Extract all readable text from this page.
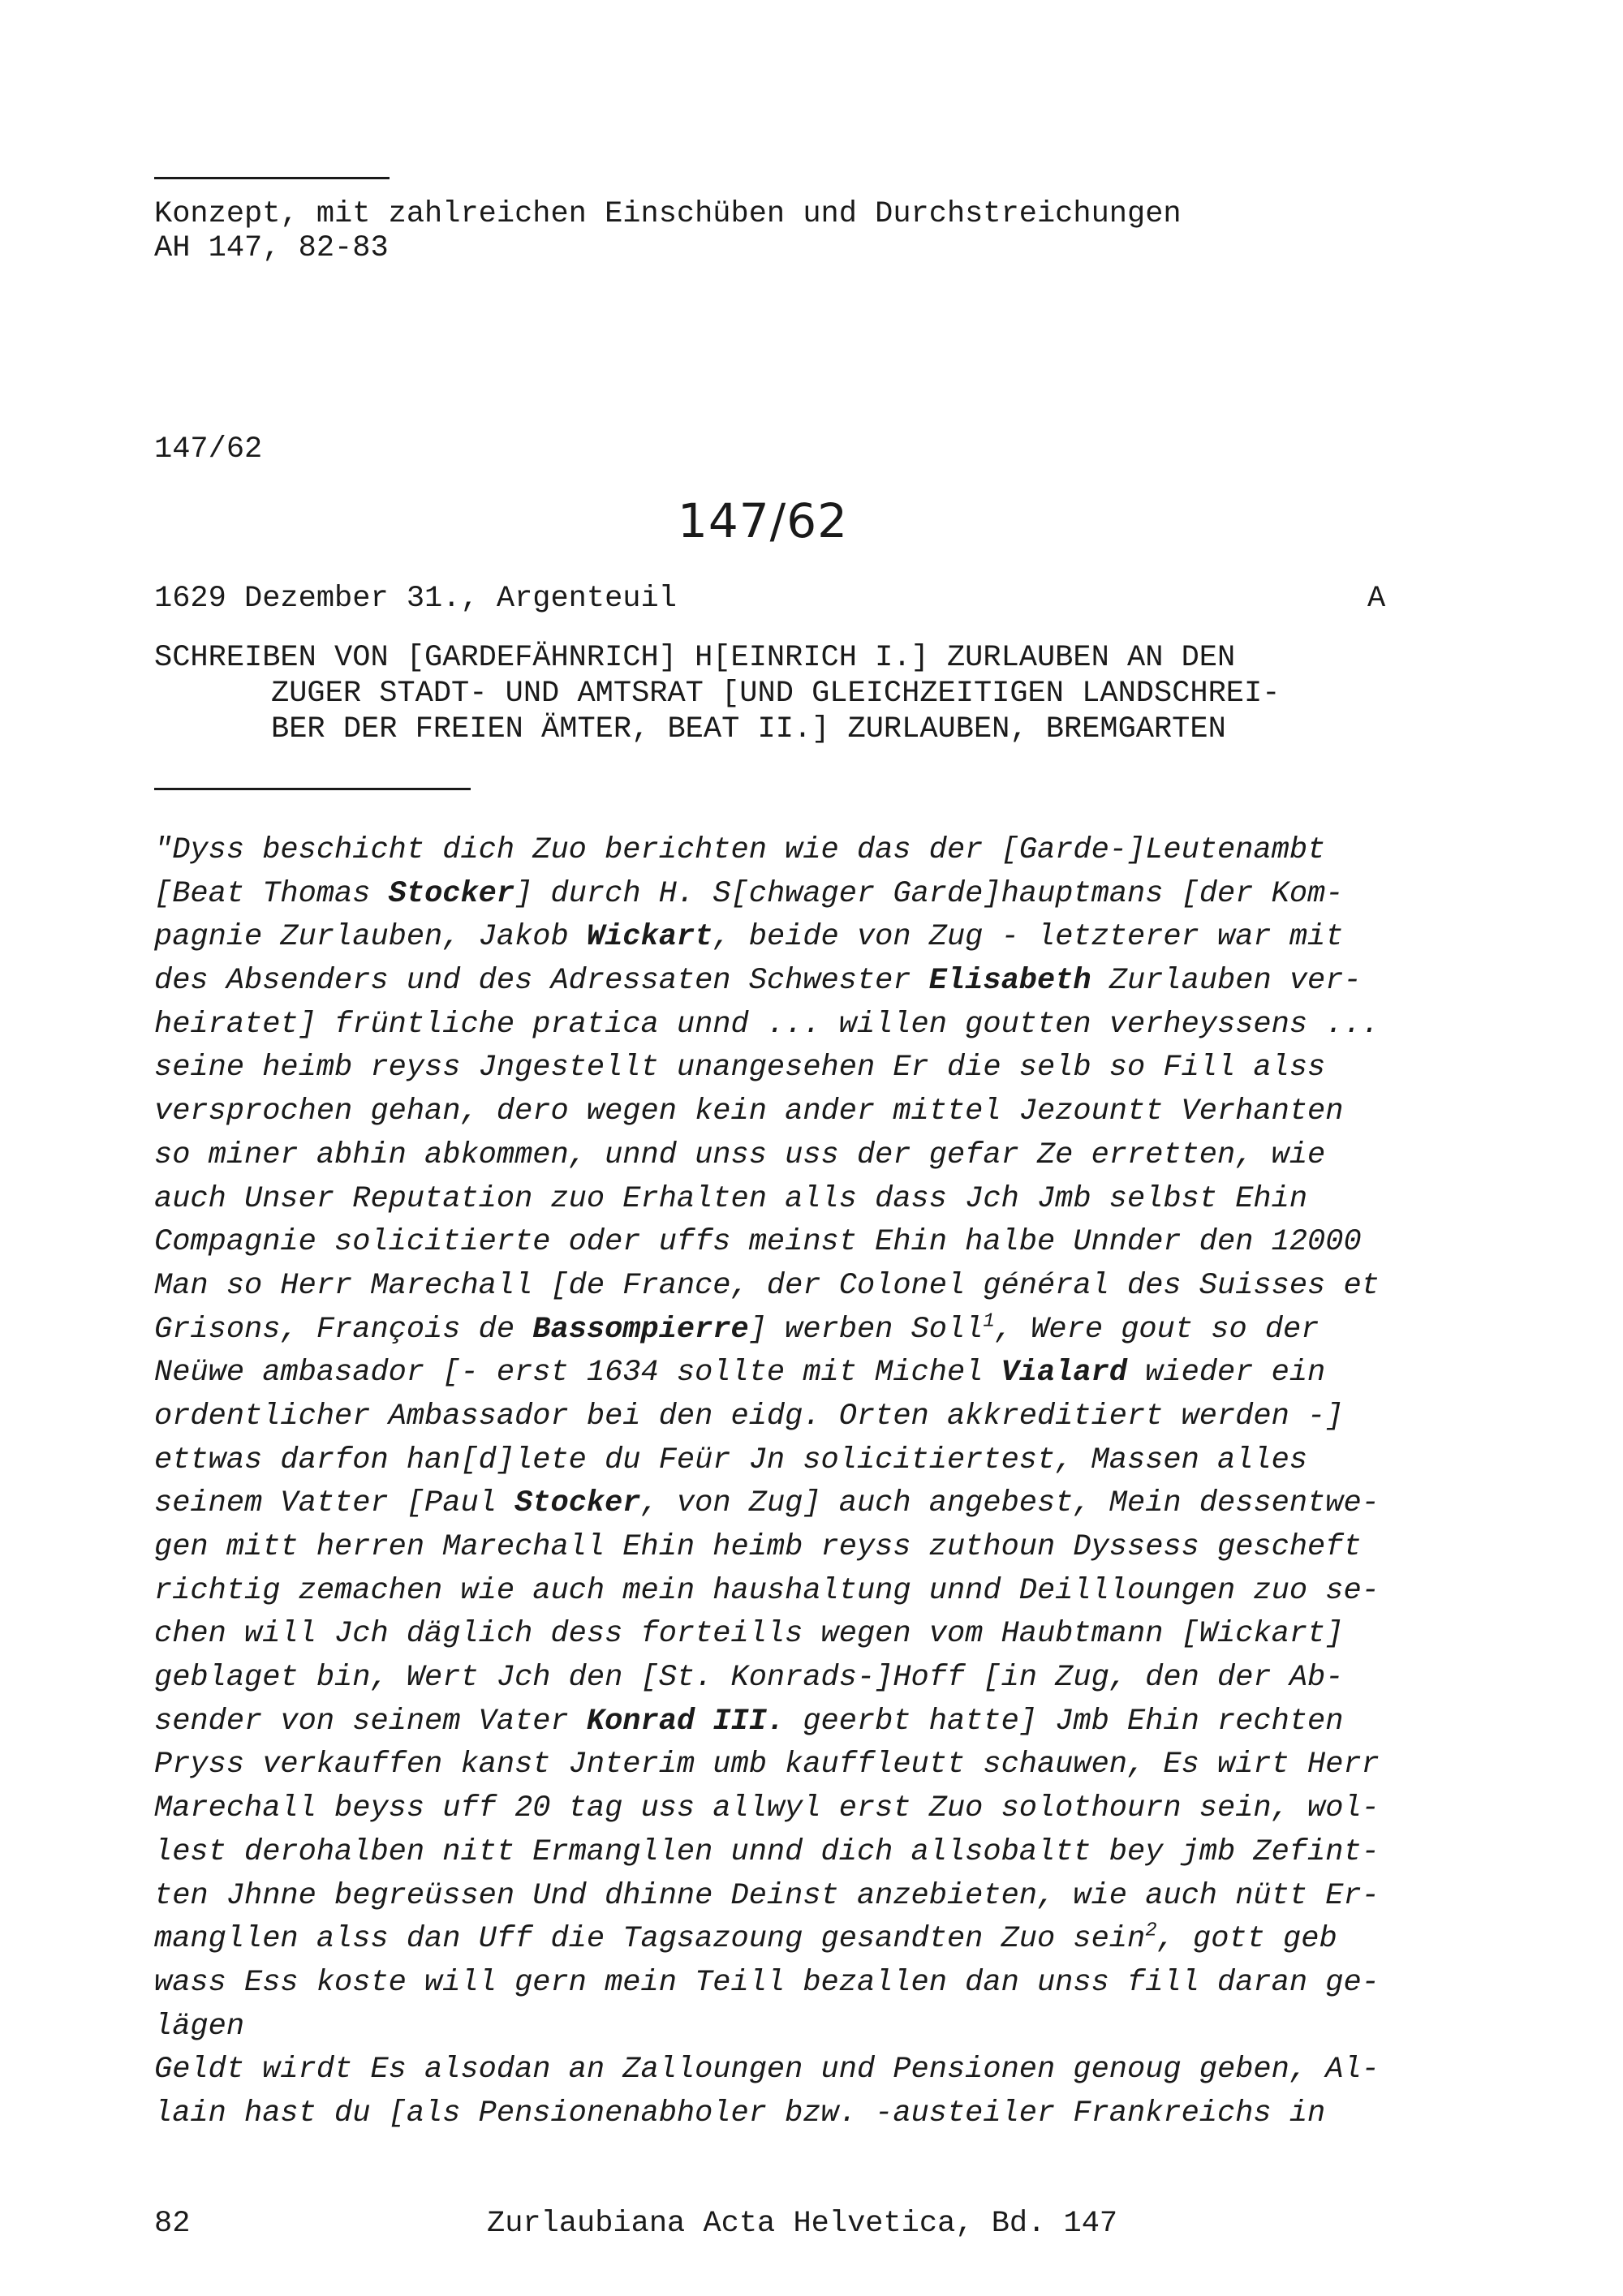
Konzept, mit zahlreichen Einschüben und Durchstreichungen
AH 147, 82-83
147/62
147/62
1629 Dezember 31., Argenteuil	A
SCHREIBEN VON [GARDEFÄHNRICH] H[EINRICH I.] ZURLAUBEN AN DEN
ZUGER STADT- UND AMTSRAT [UND GLEICHZEITIGEN LANDSCHREI-
BER DER FREIEN ÄMTER, BEAT II.] ZURLAUBEN, BREMGARTEN
"Dyss beschicht dich Zuo berichten wie das der [Garde-]Leutenambt
[Beat Thomas Stocker] durch H. S[chwager Garde]hauptmans [der Kom-
pagnie Zurlauben, Jakob Wickart, beide von Zug - letzterer war mit
des Absenders und des Adressaten Schwester Elisabeth Zurlauben ver-
heiratet] früntliche pratica unnd ... willen goutten verheyssens ...
seine heimb reyss Jngestellt unangesehen Er die selb so Fill alss
versprochen gehan, dero wegen kein ander mittel Jezountt Verhanten
so miner abhin abkommen, unnd unss uss der gefar Ze erretten, wie
auch Unser Reputation zuo Erhalten alls dass Jch Jmb selbst Ehin
Compagnie solicitierte oder uffs meinst Ehin halbe Unnder den 12000
Man so Herr Marechall [de France, der Colonel général des Suisses et
Grisons, François de Bassompierre] werben Soll$^1$, Were gout so der
Neüwe ambasador [- erst 1634 sollte mit Michel Vialard wieder ein
ordentlicher Ambassador bei den eidg. Orten akkreditiert werden -]
ettwas darfon han[d]lete du Feür Jn solicitiertest, Massen alles
seinem Vatter [Paul Stocker, von Zug] auch angebest, Mein dessentwe-
gen mitt herren Marechall Ehin heimb reyss zuthoun Dyssess gescheft
richtig zemachen wie auch mein haushaltung unnd Deillloungen zuo se-
chen will Jch däglich dess forteills wegen vom Haubtmann [Wickart]
geblaget bin, Wert Jch den [St. Konrads-]Hoff [in Zug, den der Ab-
sender von seinem Vater Konrad III. geerbt hatte] Jmb Ehin rechten
Pryss verkauffen kanst Jnterim umb kauffleutt schauwen, Es wirt Herr
Marechall beyss uff 20 tag uss allwyl erst Zuo solothourn sein, wol-
lest derohalben nitt Ermangllen unnd dich allsobaltt bey jmb Zefint-
ten Jhnne begreüssen Und dhinne Deinst anzebieten, wie auch nütt Er-
mangllen alss dan Uff die Tagsazoung gesandten Zuo sein$^2$, gott geb
wass Ess koste will gern mein Teill bezallen dan unss fill daran ge-
lägen
Geldt wirdt Es alsodan an Zalloungen und Pensionen genoug geben, Al-
lain hast du [als Pensionenabholer bzw. -austeiler Frankreichs in
82	Zurlaubiana Acta Helvetica, Bd. 147
